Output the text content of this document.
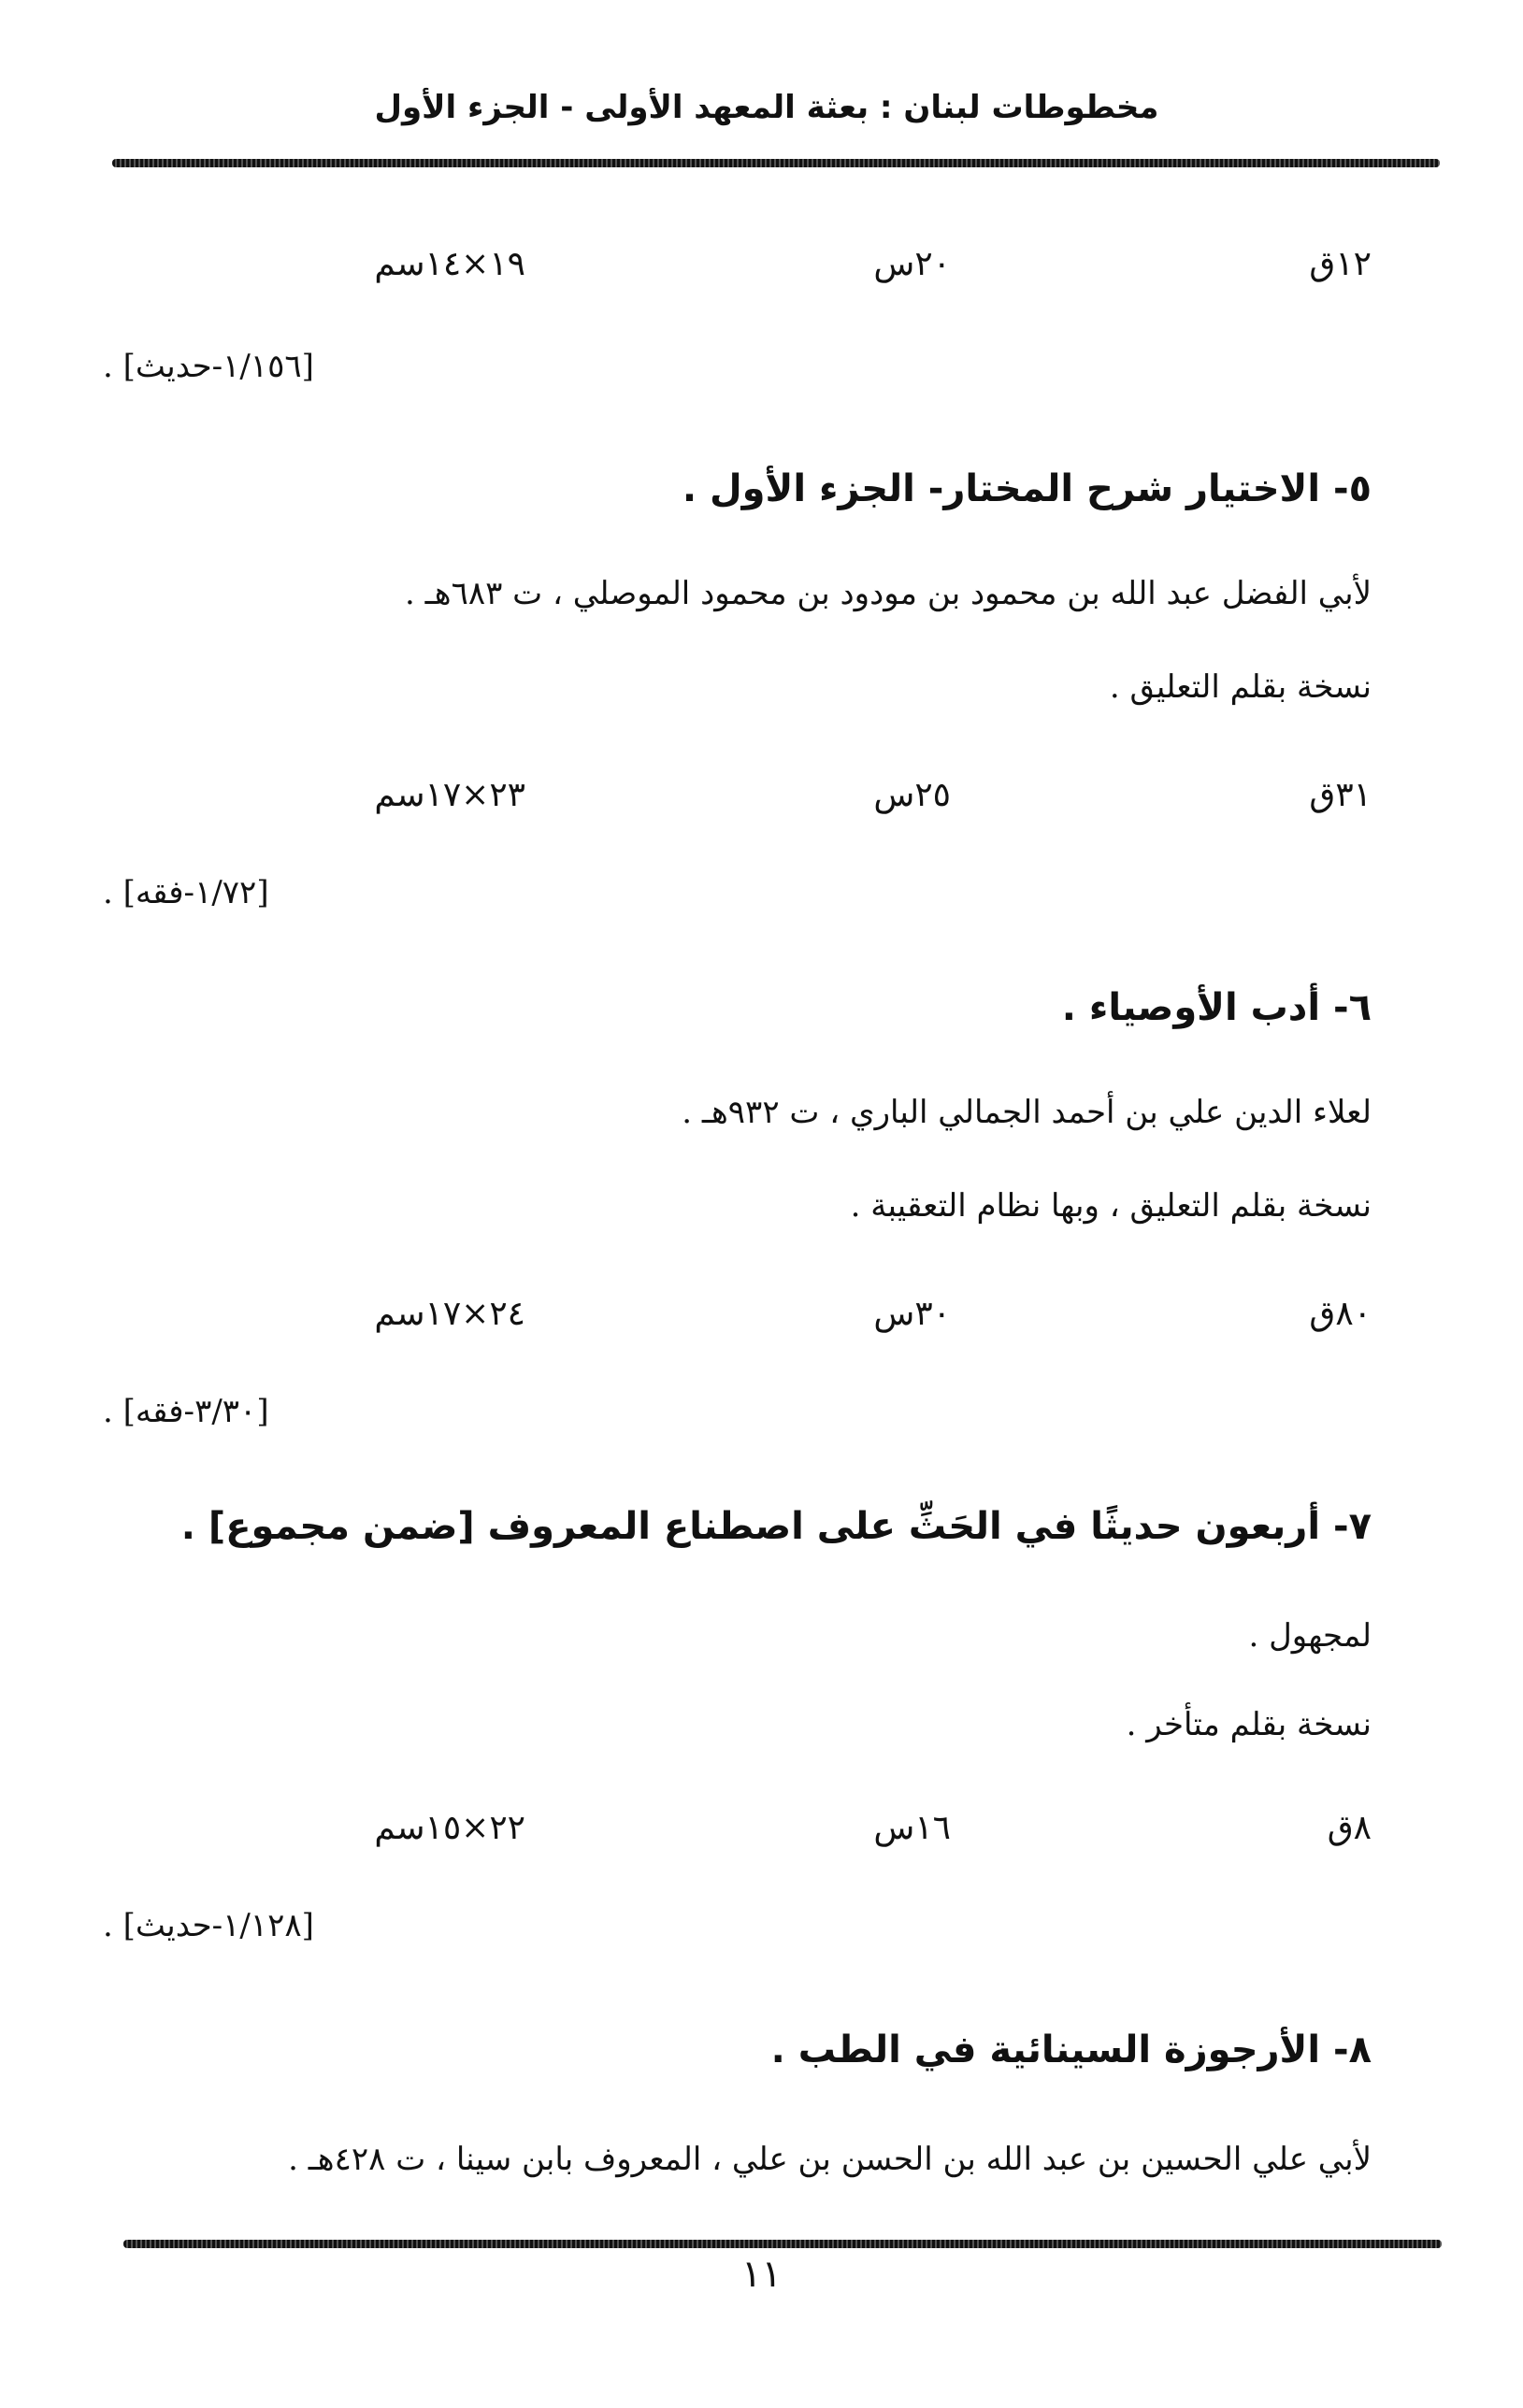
مخطوطات لبنان : بعثة المعهد الأولى - الجزء الأول
١٢ق
٢٠س
١٩×١٤سم
[١/١٥٦-حديث] .
٥- الاختيار شرح المختار- الجزء الأول .
لأبي الفضل عبد الله بن محمود بن مودود بن محمود الموصلي ، ت ٦٨٣هـ .
نسخة بقلم التعليق .
٣١ق
٢٥س
٢٣×١٧سم
[١/٧٢-فقه] .
٦- أدب الأوصياء .
لعلاء الدين علي بن أحمد الجمالي الباري ، ت ٩٣٢هـ .
نسخة بقلم التعليق ، وبها نظام التعقيبة .
٨٠ق
٣٠س
٢٤×١٧سم
[٣/٣٠-فقه] .
٧- أربعون حديثًا في الحَثِّ على اصطناع المعروف [ضمن مجموع] .
لمجهول .
نسخة بقلم متأخر .
٨ق
١٦س
٢٢×١٥سم
[١/١٢٨-حديث] .
٨- الأرجوزة السينائية في الطب .
لأبي علي الحسين بن عبد الله بن الحسن بن علي ، المعروف بابن سينا ، ت ٤٢٨هـ .
١١
